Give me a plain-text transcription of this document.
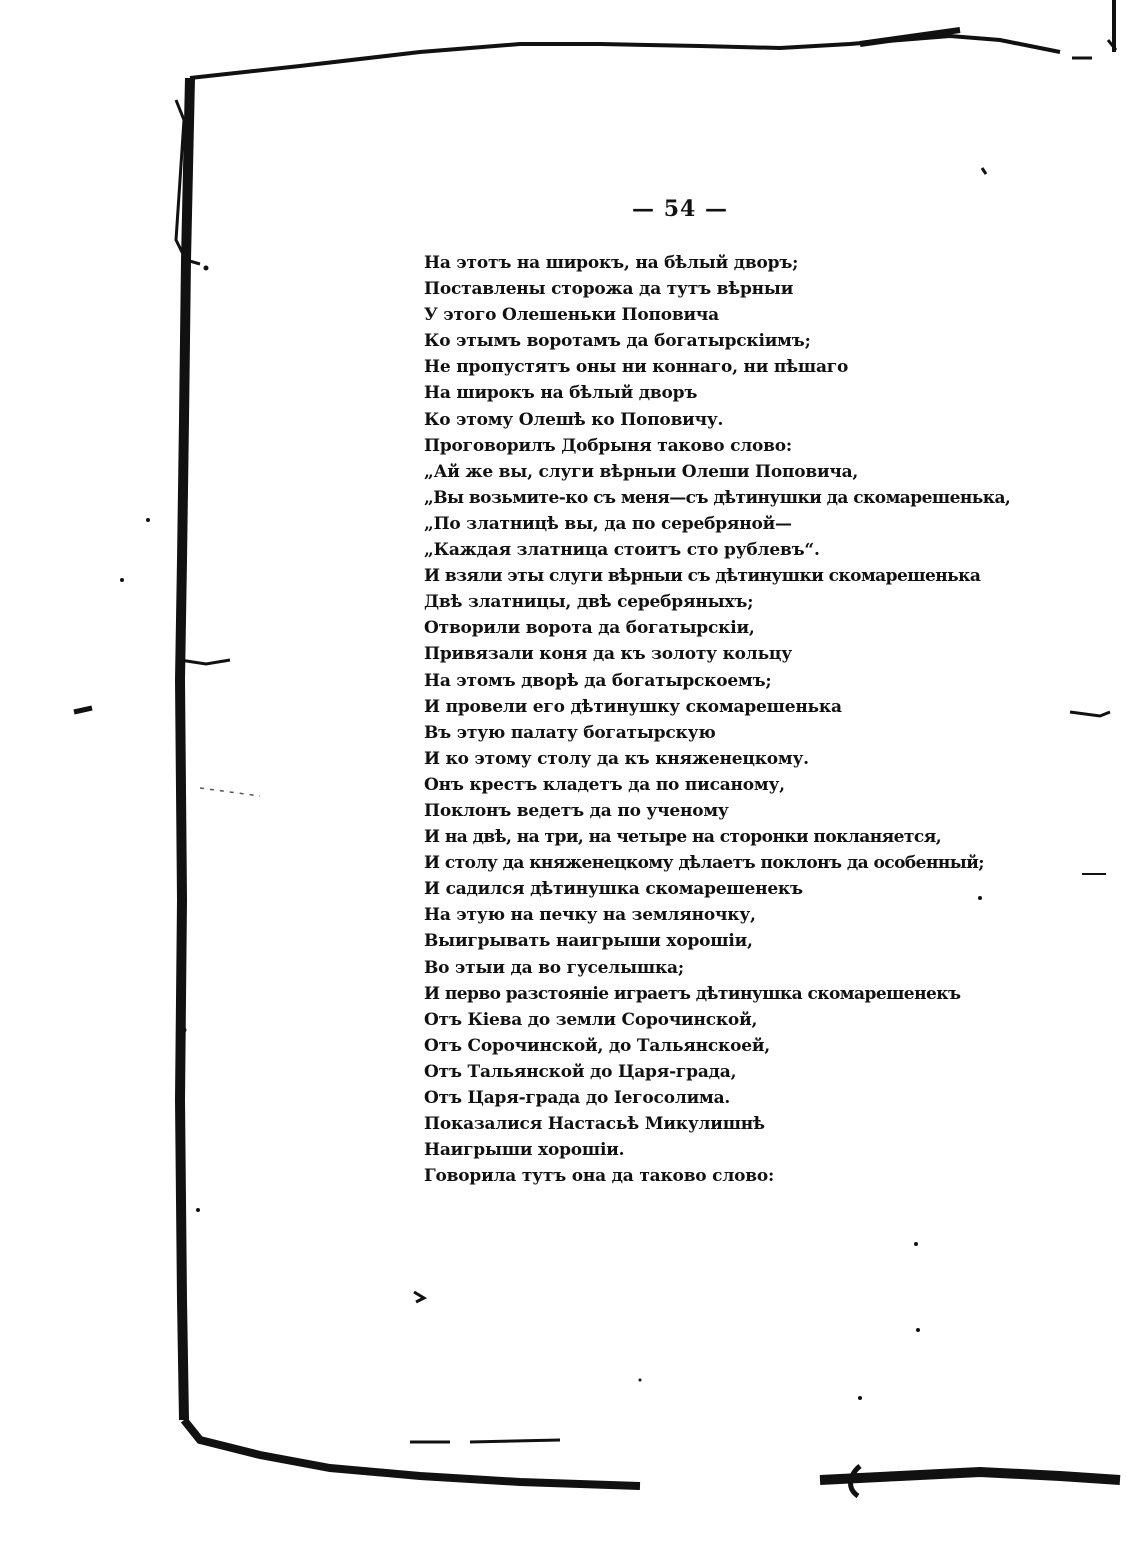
— 54 —
На этотъ на широкъ, на бѣлый дворъ;
Поставлены сторожа да тутъ вѣрныи
У этого Олешеньки Поповича
Ко этымъ воротамъ да богатырскіимъ;
Не пропустятъ оны ни коннаго, ни пѣшаго
На широкъ на бѣлый дворъ
Ко этому Олешѣ ко Поповичу.
Проговорилъ Добрыня таково слово:
„Ай же вы, слуги вѣрныи Олеши Поповича,
„Вы возьмите-ко съ меня—съ дѣтинушки да скомарешенька,
„По златницѣ вы, да по серебряной—
„Каждая златница стоитъ сто рублевъ“.
И взяли эты слуги вѣрныи съ дѣтинушки скомарешенька
Двѣ златницы, двѣ серебряныхъ;
Отворили ворота да богатырскіи,
Привязали коня да къ золоту кольцу
На этомъ дворѣ да богатырскоемъ;
И провели его дѣтинушку скомарешенька
Въ этую палату богатырскую
И ко этому столу да къ княженецкому.
Онъ крестъ кладетъ да по писаному,
Поклонъ ведетъ да по ученому
И на двѣ, на три, на четыре на сторонки покланяется,
И столу да княженецкому дѣлаетъ поклонъ да особенный;
И садился дѣтинушка скомарешенекъ
На этую на печку на земляночку,
Выигрывать наигрыши хорошіи,
Во этыи да во гуселышка;
И перво разстояніе играетъ дѣтинушка скомарешенекъ
Отъ Кіева до земли Сорочинской,
Отъ Сорочинской, до Тальянскоей,
Отъ Тальянской до Царя-града,
Отъ Царя-града до Іегосолима.
Показалися Настасьѣ Микулишнѣ
Наигрыши хорошіи.
Говорила тутъ она да таково слово:
